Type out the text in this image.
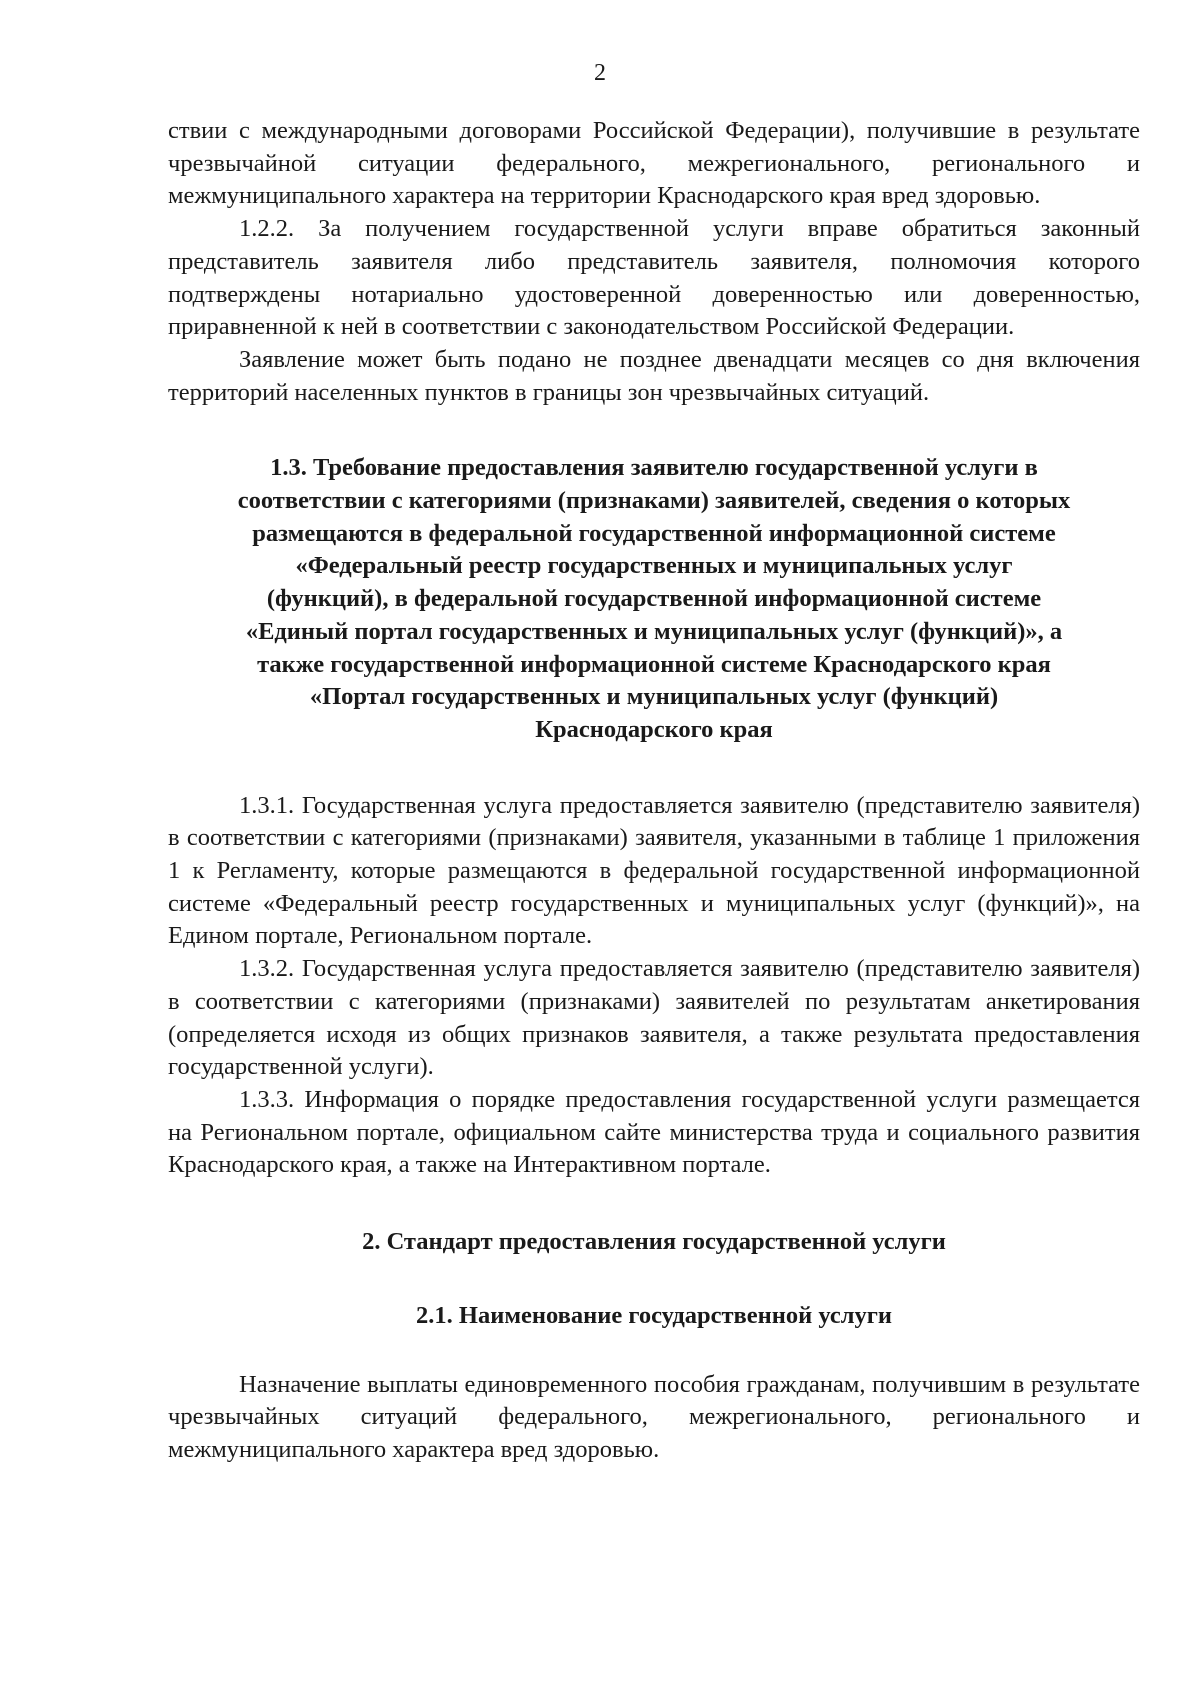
2

ствии с международными договорами Российской Федерации), получившие в результате чрезвычайной ситуации федерального, межрегионального, регионального и межмуниципального характера на территории Краснодарского края вред здоровью.

1.2.2. За получением государственной услуги вправе обратиться законный представитель заявителя либо представитель заявителя, полномочия которого подтверждены нотариально удостоверенной доверенностью или доверенностью, приравненной к ней в соответствии с законодательством Российской Федерации.

Заявление может быть подано не позднее двенадцати месяцев со дня включения территорий населенных пунктов в границы зон чрезвычайных ситуаций.

1.3. Требование предоставления заявителю государственной услуги в соответствии с категориями (признаками) заявителей, сведения о которых размещаются в федеральной государственной информационной системе «Федеральный реестр государственных и муниципальных услуг (функций), в федеральной государственной информационной системе «Единый портал государственных и муниципальных услуг (функций)», а также государственной информационной системе Краснодарского края «Портал государственных и муниципальных услуг (функций) Краснодарского края

1.3.1. Государственная услуга предоставляется заявителю (представителю заявителя) в соответствии с категориями (признаками) заявителя, указанными в таблице 1 приложения 1 к Регламенту, которые размещаются в федеральной государственной информационной системе «Федеральный реестр государственных и муниципальных услуг (функций)», на Едином портале, Региональном портале.

1.3.2. Государственная услуга предоставляется заявителю (представителю заявителя) в соответствии с категориями (признаками) заявителей по результатам анкетирования (определяется исходя из общих признаков заявителя, а также результата предоставления государственной услуги).

1.3.3. Информация о порядке предоставления государственной услуги размещается на Региональном портале, официальном сайте министерства труда и социального развития Краснодарского края, а также на Интерактивном портале.

2. Стандарт предоставления государственной услуги
2.1. Наименование государственной услуги

Назначение выплаты единовременного пособия гражданам, получившим в результате чрезвычайных ситуаций федерального, межрегионального, регионального и межмуниципального характера вред здоровью.
